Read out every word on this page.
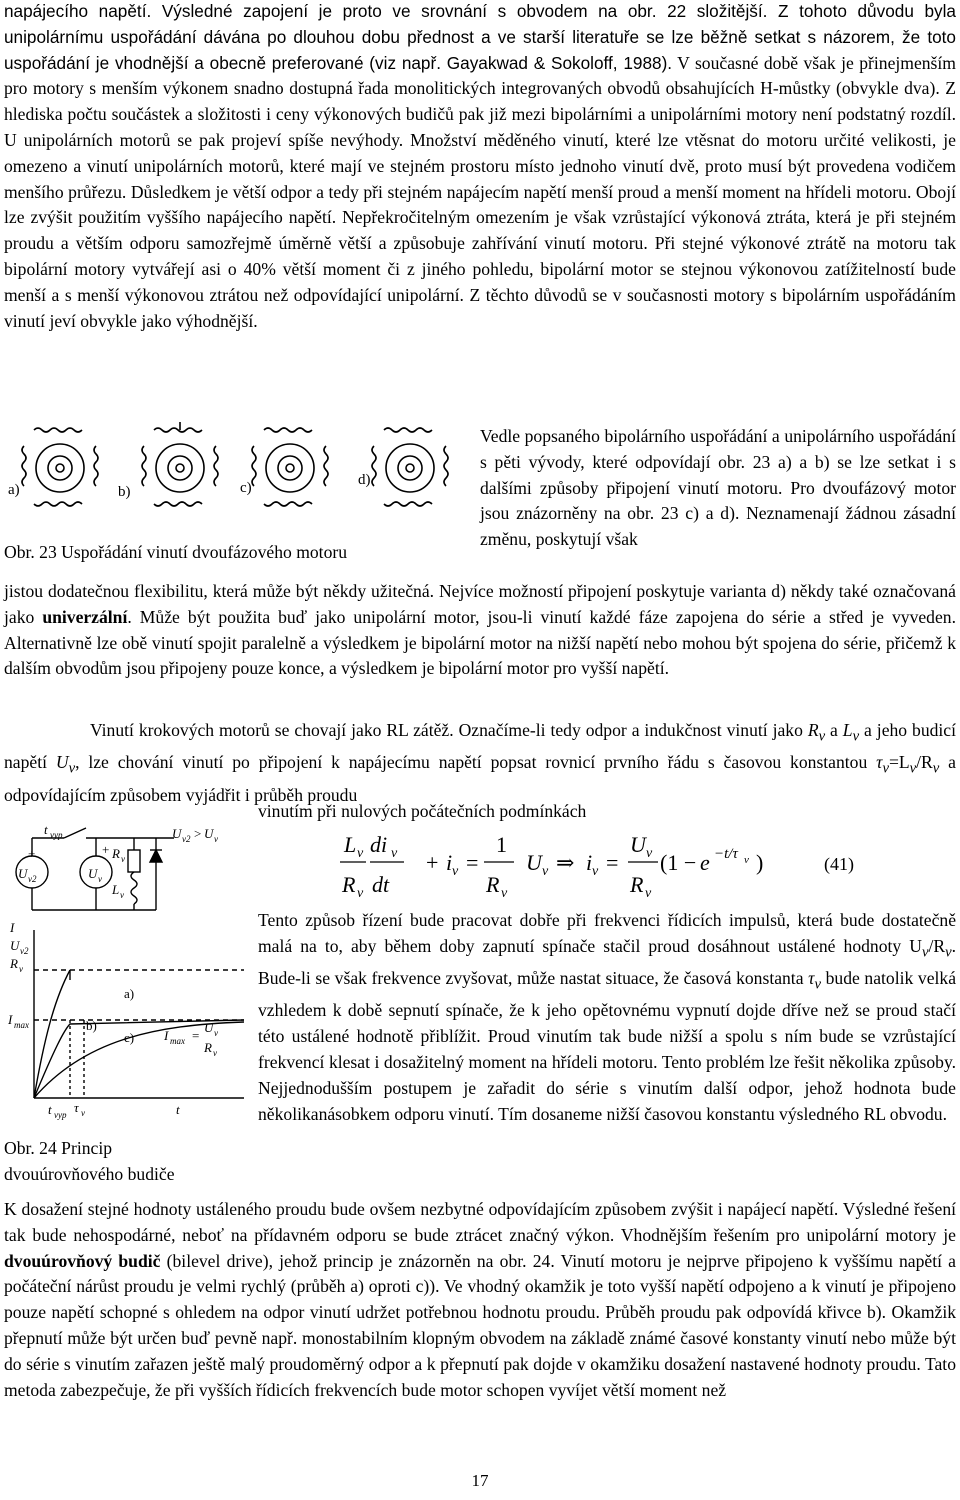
napájecího napětí. Výsledné zapojení je proto ve srovnání s obvodem na obr. 22 složitější. Z tohoto důvodu byla unipolárnímu uspořádání dávána po dlouhou dobu přednost a ve starší literatuře se lze běžně setkat s názorem, že toto uspořádání je vhodnější a obecně preferované (viz např. Gayakwad & Sokoloff, 1988). V současné době však je přinejmenším pro motory s menším výkonem snadno dostupná řada monolitických integrovaných obvodů obsahujících H-můstky (obvykle dva). Z hlediska počtu součástek a složitosti i ceny výkonových budičů pak již mezi bipolárními a unipolárními motory není podstatný rozdíl. U unipolárních motorů se pak projeví spíše nevýhody. Množství měděného vinutí, které lze vtěsnat do motoru určité velikosti, je omezeno a vinutí unipolárních motorů, které mají ve stejném prostoru místo jednoho vinutí dvě, proto musí být provedena vodičem menšího průřezu. Důsledkem je větší odpor a tedy při stejném napájecím napětí menší proud a menší moment na hřídeli motoru. Obojí lze zvýšit použitím vyššího napájecího napětí. Nepřekročitelným omezením je však vzrůstající výkonová ztráta, která je při stejném proudu a větším odporu samozřejmě úměrně větší a způsobuje zahřívání vinutí motoru. Při stejné výkonové ztrátě na motoru tak bipolární motory vytvářejí asi o 40% větší moment či z jiného pohledu, bipolární motor se stejnou výkonovou zatížitelností bude menší a s menší výkonovou ztrátou než odpovídající unipolární. Z těchto důvodů se v současnosti motory s bipolárním uspořádáním vinutí jeví obvykle jako výhodnější.

a)	b)	c)	d)
Obr. 23 Uspořádání vinutí dvoufázového motoru
Vedle popsaného bipolárního uspořádání a unipolárního uspořádání s pěti vývody, které odpovídají obr. 23 a) a b) se lze setkat i s dalšími způsoby připojení vinutí motoru. Pro dvoufázový motor jsou znázorněny na obr. 23 c) a d). Neznamenají žádnou zásadní změnu, poskytují však

jistou dodatečnou flexibilitu, která může být někdy užitečná. Nejvíce možností připojení poskytuje varianta d) někdy také označovaná jako univerzální. Může být použita buď jako unipolární motor, jsou-li vinutí každé fáze zapojena do série a střed je vyveden. Alternativně lze obě vinutí spojit paralelně a výsledkem je bipolární motor na nižší napětí nebo mohou být spojena do série, přičemž k dalším obvodům jsou připojeny pouze konce, a výsledkem je bipolární motor pro vyšší napětí.

Vinutí krokových motorů se chovají jako RL zátěž. Označíme-li tedy odpor a indukčnost vinutí jako $R_v$ a $L_v$ a jeho budicí napětí $U_v$, lze chování vinutí po připojení k napájecímu napětí popsat rovnicí prvního řádu s časovou konstantou $\tau_v=L_v/R_v$ a odpovídajícím způsobem vyjádřit i průběh proudu

vinutím při nulových počátečních podmínkách
L v
R v
di v
dt
+ i v =
1
R v
U v ⇒ i v =
U v
R v
(1 − e −t/τ v )	(41)
t vyp	U v2 > U v
+
U v2
+
U v
R v
L v
I
U v2
R v
I max
a)
b)
c) I max =
U v
R v
t vyp τ v	t
Obr. 24 Princip
dvouúrovňového budiče
Tento způsob řízení bude pracovat dobře při frekvenci řídicích impulsů, která bude dostatečně malá na to, aby během doby zapnutí spínače stačil proud dosáhnout ustálené hodnoty $U_v/R_v$. Bude-li se však frekvence zvyšovat, může nastat situace, že časová konstanta $\tau_v$ bude natolik velká vzhledem k době sepnutí spínače, že k jeho opětovnému vypnutí dojde dříve než se proud stačí této ustálené hodnotě přiblížit. Proud vinutím tak bude nižší a spolu s ním bude se vzrůstající frekvencí klesat i dosažitelný moment na hřídeli motoru. Tento problém lze řešit několika způsoby. Nejjednodušším postupem je zařadit do série s vinutím další odpor, jehož hodnota bude několikanásobkem odporu vinutí. Tím dosaneme nižší časovou konstantu výsledného RL obvodu.

K dosažení stejné hodnoty ustáleného proudu bude ovšem nezbytné odpovídajícím způsobem zvýšit i napájecí napětí. Výsledné řešení tak bude nehospodárné, neboť na přídavném odporu se bude ztrácet značný výkon. Vhodnějším řešením pro unipolární motory je dvouúrovňový budič (bilevel drive), jehož princip je znázorněn na obr. 24. Vinutí motoru je nejprve připojeno k vyššímu napětí a počáteční nárůst proudu je velmi rychlý (průběh a) oproti c)). Ve vhodný okamžik je toto vyšší napětí odpojeno a k vinutí je připojeno pouze napětí schopné s ohledem na odpor vinutí udržet potřebnou hodnotu proudu. Průběh proudu pak odpovídá křivce b). Okamžik přepnutí může být určen buď pevně např. monostabilním klopným obvodem na základě známé časové konstanty vinutí nebo může být do série s vinutím zařazen ještě malý proudoměrný odpor a k přepnutí pak dojde v okamžiku dosažení nastavené hodnoty proudu. Tato metoda zabezpečuje, že při vyšších řídicích frekvencích bude motor schopen vyvíjet větší moment než

17
